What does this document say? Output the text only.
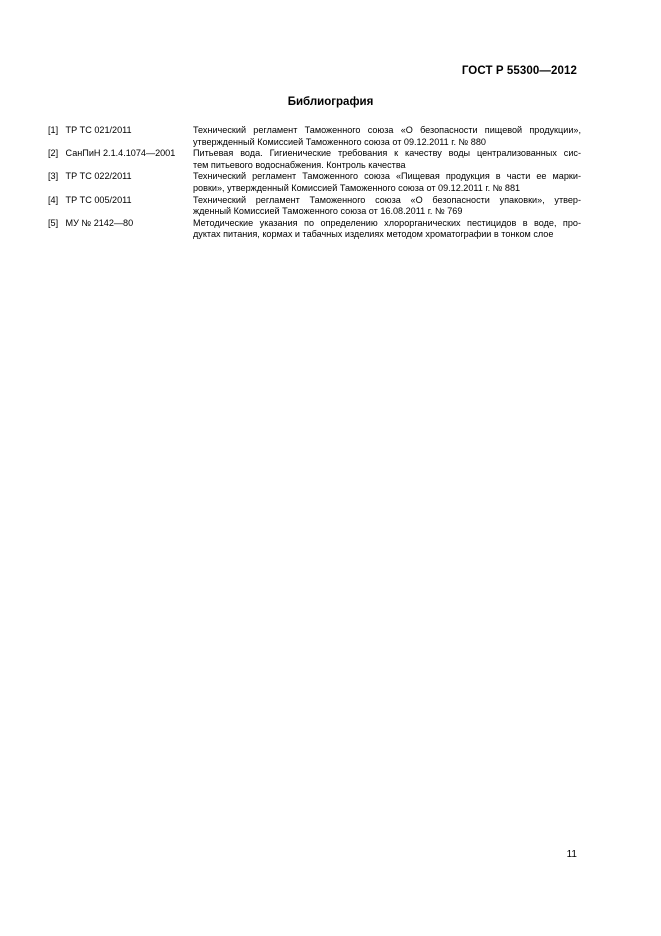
ГОСТ Р 55300—2012
Библиография
[1] ТР ТС 021/2011	Технический регламент Таможенного союза «О безопасности пищевой продукции»,
утвержденный Комиссией Таможенного союза от 09.12.2011 г. № 880
[2] СанПиН 2.1.4.1074—2001	Питьевая вода. Гигиенические требования к качеству воды централизованных сис-
тем питьевого водоснабжения. Контроль качества
[3] ТР ТС 022/2011	Технический регламент Таможенного союза «Пищевая продукция в части ее марки-
ровки», утвержденный Комиссией Таможенного союза от 09.12.2011 г. № 881
[4] ТР ТС 005/2011	Технический регламент Таможенного союза «О безопасности упаковки», утвер-
жденный Комиссией Таможенного союза от 16.08.2011 г. № 769
[5] МУ № 2142—80	Методические указания по определению хлорорганических пестицидов в воде, про-
дуктах питания, кормах и табачных изделиях методом хроматографии в тонком слое
11
